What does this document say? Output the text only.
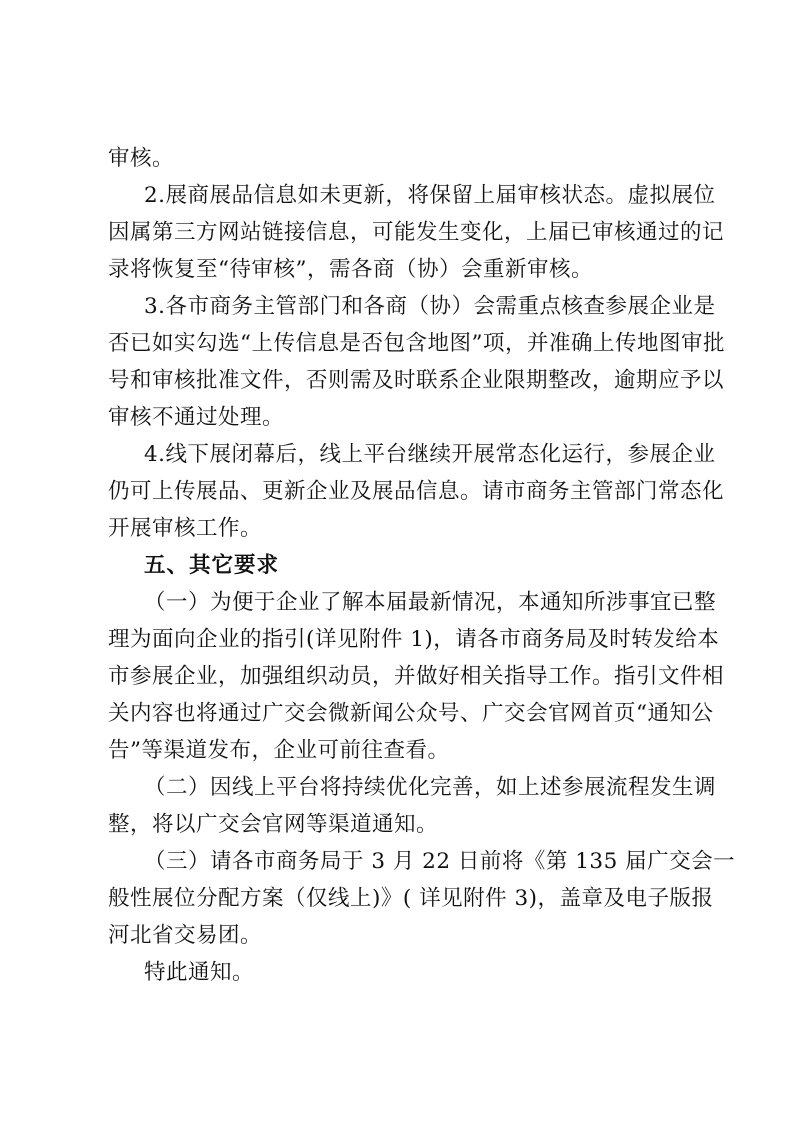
审核。
2.展商展品信息如未更新，将保留上届审核状态。虚拟展位
因属第三方网站链接信息，可能发生变化，上届已审核通过的记
录将恢复至“待审核”，需各商（协）会重新审核。
3.各市商务主管部门和各商（协）会需重点核查参展企业是
否已如实勾选“上传信息是否包含地图”项，并准确上传地图审批
号和审核批准文件，否则需及时联系企业限期整改，逾期应予以
审核不通过处理。
4.线下展闭幕后，线上平台继续开展常态化运行，参展企业
仍可上传展品、更新企业及展品信息。请市商务主管部门常态化
开展审核工作。
五、其它要求
（一）为便于企业了解本届最新情况，本通知所涉事宜已整
理为面向企业的指引(详见附件 1)，请各市商务局及时转发给本
市参展企业，加强组织动员，并做好相关指导工作。指引文件相
关内容也将通过广交会微新闻公众号、广交会官网首页“通知公
告”等渠道发布，企业可前往查看。
（二）因线上平台将持续优化完善，如上述参展流程发生调
整，将以广交会官网等渠道通知。
（三）请各市商务局于 3 月 22 日前将《第 135 届广交会一
般性展位分配方案（仅线上)》( 详见附件 3)，盖章及电子版报
河北省交易团。
特此通知。
